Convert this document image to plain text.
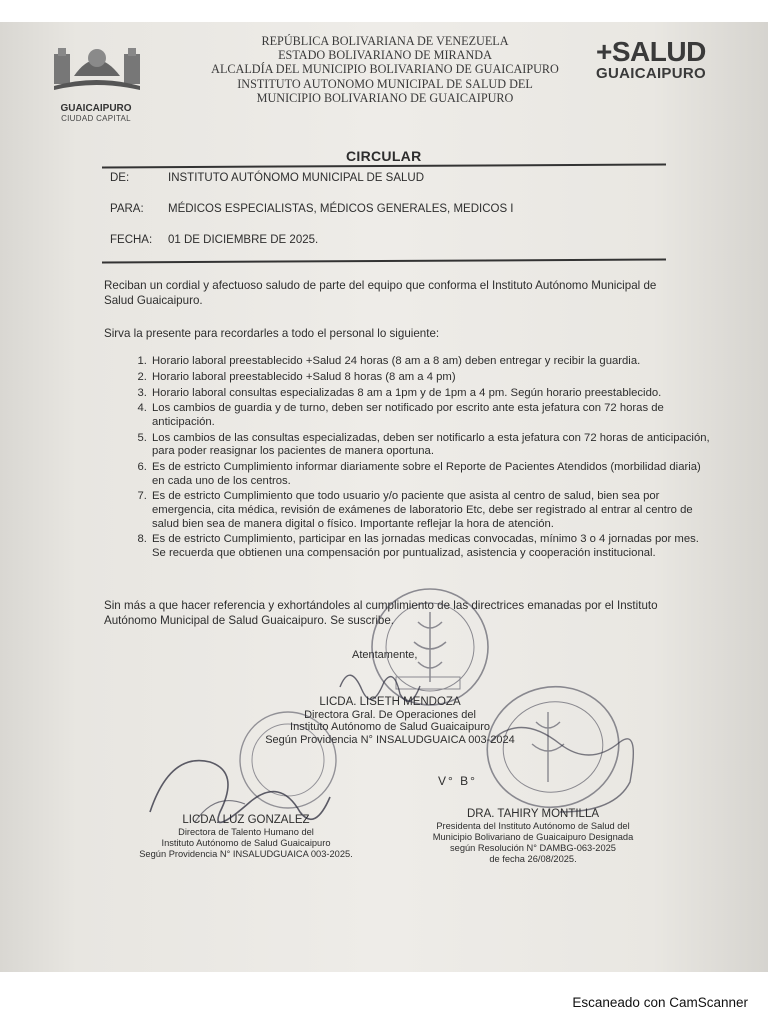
GUAICAIPURO
CIUDAD CAPITAL
REPÚBLICA BOLIVARIANA DE VENEZUELA
ESTADO BOLIVARIANO DE MIRANDA
ALCALDÍA DEL MUNICIPIO BOLIVARIANO DE GUAICAIPURO
INSTITUTO AUTONOMO MUNICIPAL DE SALUD DEL
MUNICIPIO BOLIVARIANO DE GUAICAIPURO
+SALUD
GUAICAIPURO
CIRCULAR
DE:	INSTITUTO AUTÓNOMO MUNICIPAL DE SALUD
PARA: MÉDICOS ESPECIALISTAS, MÉDICOS GENERALES, MEDICOS I
FECHA: 01 DE DICIEMBRE DE 2025.
Reciban un cordial y afectuoso saludo de parte del equipo que conforma el Instituto Autónomo Municipal de Salud Guaicaipuro.
Sirva la presente para recordarles a todo el personal lo siguiente:
1. Horario laboral preestablecido +Salud 24 horas (8 am a 8 am) deben entregar y recibir la guardia.
2. Horario laboral preestablecido +Salud 8 horas (8 am a 4 pm)
3. Horario laboral consultas especializadas 8 am a 1pm y de 1pm a 4 pm. Según horario preestablecido.
4. Los cambios de guardia y de turno, deben ser notificado por escrito ante esta jefatura con 72 horas de anticipación.
5. Los cambios de las consultas especializadas, deben ser notificarlo a esta jefatura con 72 horas de anticipación, para poder reasignar los pacientes de manera oportuna.
6. Es de estricto Cumplimiento informar diariamente sobre el Reporte de Pacientes Atendidos (morbilidad diaria) en cada uno de los centros.
7. Es de estricto Cumplimiento que todo usuario y/o paciente que asista al centro de salud, bien sea por emergencia, cita médica, revisión de exámenes de laboratorio Etc, debe ser registrado al entrar al centro de salud bien sea de manera digital o físico. Importante reflejar la hora de atención.
8. Es de estricto Cumplimiento, participar en las jornadas medicas convocadas, mínimo 3 o 4 jornadas por mes. Se recuerda que obtienen una compensación por puntualizad, asistencia y cooperación institucional.
Sin más a que hacer referencia y exhortándoles al cumplimiento de las directrices emanadas por el Instituto Autónomo Municipal de Salud Guaicaipuro. Se suscribe.
Atentamente,
LICDA. LISETH MENDOZA
Directora Gral. De Operaciones del
Instituto Autónomo de Salud Guaicaipuro
Según Providencia N° INSALUDGUAICA 003-2024
V° B°
LICDA. LUZ GONZALEZ
Directora de Talento Humano del
Instituto Autónomo de Salud Guaicaipuro
Según Providencia N° INSALUDGUAICA 003-2025.
DRA. TAHIRY MONTILLA
Presidenta del Instituto Autónomo de Salud del
Municipio Bolivariano de Guaicaipuro Designada
según Resolución N° DAMBG-063-2025
de fecha 26/08/2025.
Escaneado con CamScanner
